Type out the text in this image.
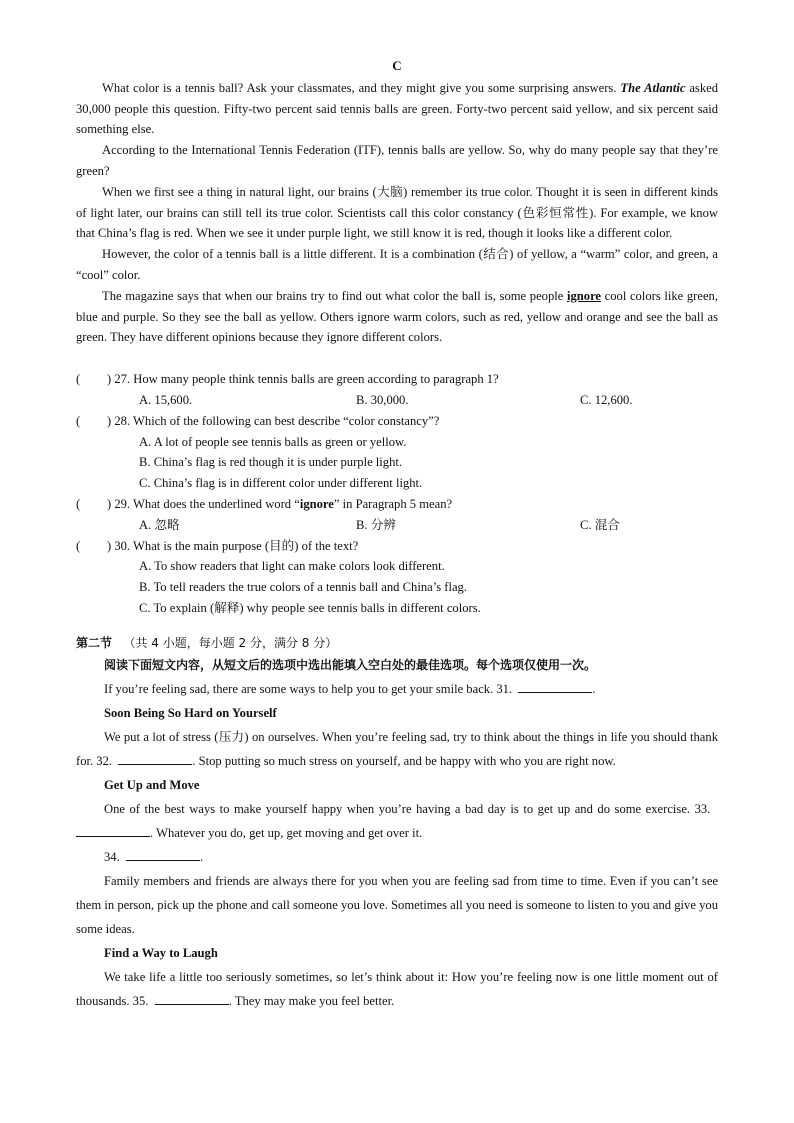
C

What color is a tennis ball? Ask your classmates, and they might give you some surprising answers. The Atlantic asked 30,000 people this question. Fifty-two percent said tennis balls are green. Forty-two percent said yellow, and six percent said something else.

According to the International Tennis Federation (ITF), tennis balls are yellow. So, why do many people say that they’re green?

When we first see a thing in natural light, our brains (大脑) remember its true color. Thought it is seen in different kinds of light later, our brains can still tell its true color. Scientists call this color constancy (色彩恒常性). For example, we know that China’s flag is red. When we see it under purple light, we still know it is red, though it looks like a different color.

However, the color of a tennis ball is a little different. It is a combination (结合) of yellow, a “warm” color, and green, a “cool” color.

The magazine says that when our brains try to find out what color the ball is, some people ignore cool colors like green, blue and purple. So they see the ball as yellow. Others ignore warm colors, such as red, yellow and orange and see the ball as green. They have different opinions because they ignore different colors.

( ) 27. How many people think tennis balls are green according to paragraph 1?
A. 15,600.	B. 30,000.	C. 12,600.
( ) 28. Which of the following can best describe “color constancy”?
A. A lot of people see tennis balls as green or yellow.
B. China’s flag is red though it is under purple light.
C. China’s flag is in different color under different light.
( ) 29. What does the underlined word “ignore” in Paragraph 5 mean?
A. 忽略	B. 分辨	C. 混合
( ) 30. What is the main purpose (目的) of the text?
A. To show readers that light can make colors look different.
B. To tell readers the true colors of a tennis ball and China’s flag.
C. To explain (解释) why people see tennis balls in different colors.
第二节 （共 4 小题，每小题 2 分，满分 8 分）
阅读下面短文内容，从短文后的选项中选出能填入空白处的最佳选项。每个选项仅使用一次。

If you’re feeling sad, there are some ways to help you to get your smile back. 31.	.

Soon Being So Hard on Yourself

We put a lot of stress (压力) on ourselves. When you’re feeling sad, try to think about the things in life you should thank for. 32.	. Stop putting so much stress on yourself, and be happy with who you are right now.

Get Up and Move

One of the best ways to make yourself happy when you’re having a bad day is to get up and do some exercise. 33.  . Whatever you do, get up, get moving and get over it.

34.	.

Family members and friends are always there for you when you are feeling sad from time to time. Even if you can’t see them in person, pick up the phone and call someone you love. Sometimes all you need is someone to listen to you and give you some ideas.

Find a Way to Laugh

We take life a little too seriously sometimes, so let’s think about it: How you’re feeling now is one little moment out of thousands. 35.	. They may make you feel better.
